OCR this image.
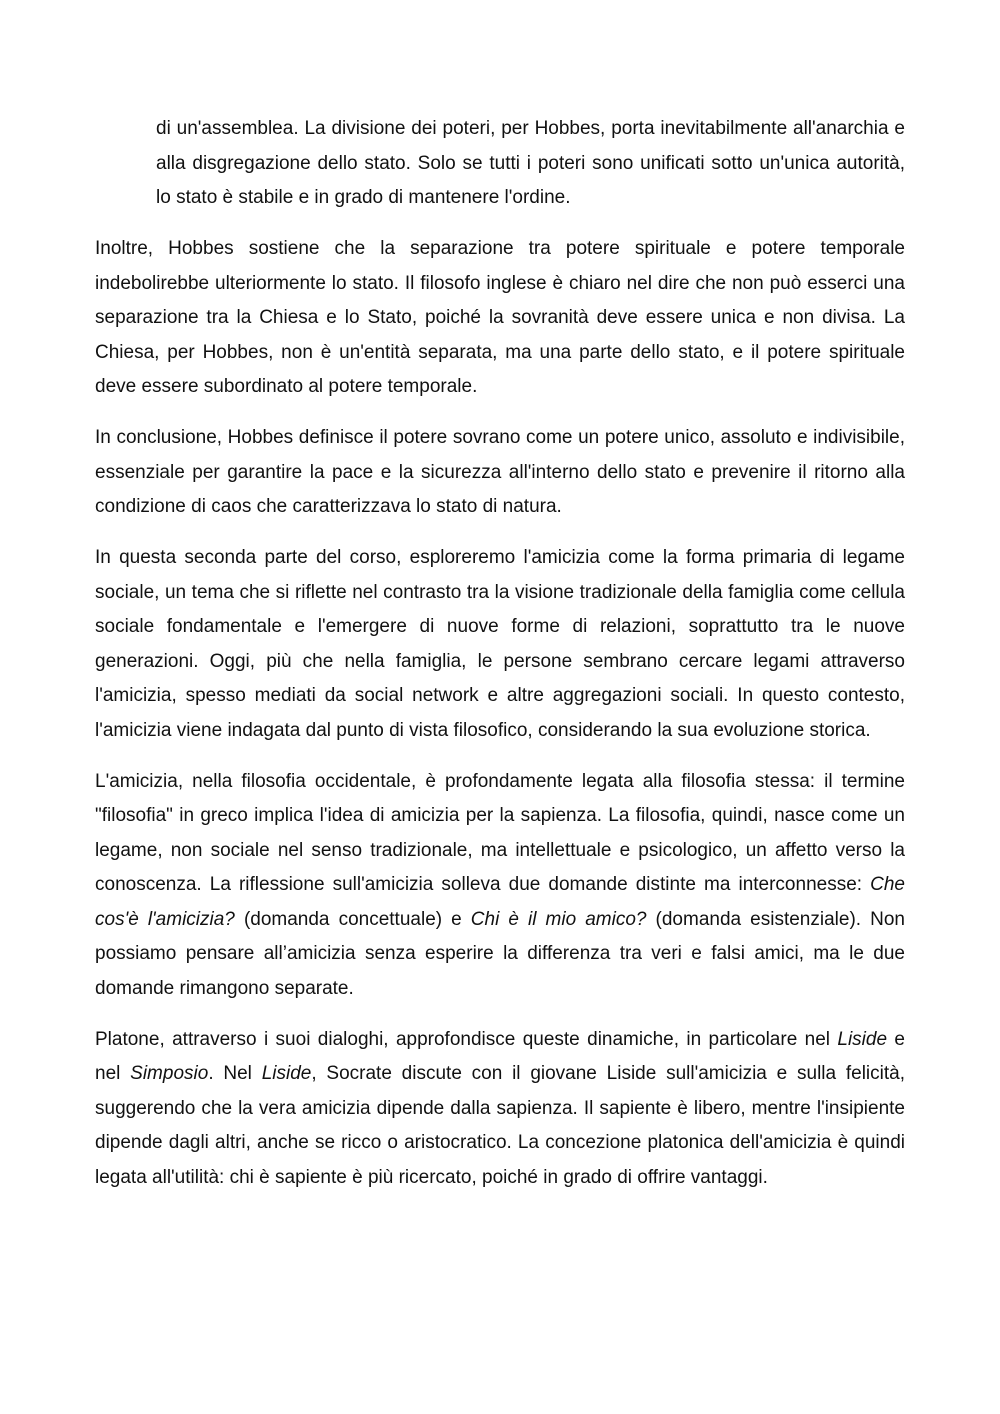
di un'assemblea. La divisione dei poteri, per Hobbes, porta inevitabilmente all'anarchia e alla disgregazione dello stato. Solo se tutti i poteri sono unificati sotto un'unica autorità, lo stato è stabile e in grado di mantenere l'ordine.

Inoltre, Hobbes sostiene che la separazione tra potere spirituale e potere temporale indebolirebbe ulteriormente lo stato. Il filosofo inglese è chiaro nel dire che non può esserci una separazione tra la Chiesa e lo Stato, poiché la sovranità deve essere unica e non divisa. La Chiesa, per Hobbes, non è un'entità separata, ma una parte dello stato, e il potere spirituale deve essere subordinato al potere temporale.

In conclusione, Hobbes definisce il potere sovrano come un potere unico, assoluto e indivisibile, essenziale per garantire la pace e la sicurezza all'interno dello stato e prevenire il ritorno alla condizione di caos che caratterizzava lo stato di natura.

In questa seconda parte del corso, esploreremo l'amicizia come la forma primaria di legame sociale, un tema che si riflette nel contrasto tra la visione tradizionale della famiglia come cellula sociale fondamentale e l'emergere di nuove forme di relazioni, soprattutto tra le nuove generazioni. Oggi, più che nella famiglia, le persone sembrano cercare legami attraverso l'amicizia, spesso mediati da social network e altre aggregazioni sociali. In questo contesto, l'amicizia viene indagata dal punto di vista filosofico, considerando la sua evoluzione storica.

L'amicizia, nella filosofia occidentale, è profondamente legata alla filosofia stessa: il termine "filosofia" in greco implica l'idea di amicizia per la sapienza. La filosofia, quindi, nasce come un legame, non sociale nel senso tradizionale, ma intellettuale e psicologico, un affetto verso la conoscenza. La riflessione sull'amicizia solleva due domande distinte ma interconnesse: Che cos'è l'amicizia? (domanda concettuale) e Chi è il mio amico? (domanda esistenziale). Non possiamo pensare all’amicizia senza esperire la differenza tra veri e falsi amici, ma le due domande rimangono separate.

Platone, attraverso i suoi dialoghi, approfondisce queste dinamiche, in particolare nel Liside e nel Simposio. Nel Liside, Socrate discute con il giovane Liside sull'amicizia e sulla felicità, suggerendo che la vera amicizia dipende dalla sapienza. Il sapiente è libero, mentre l'insipiente dipende dagli altri, anche se ricco o aristocratico. La concezione platonica dell'amicizia è quindi legata all'utilità: chi è sapiente è più ricercato, poiché in grado di offrire vantaggi.
